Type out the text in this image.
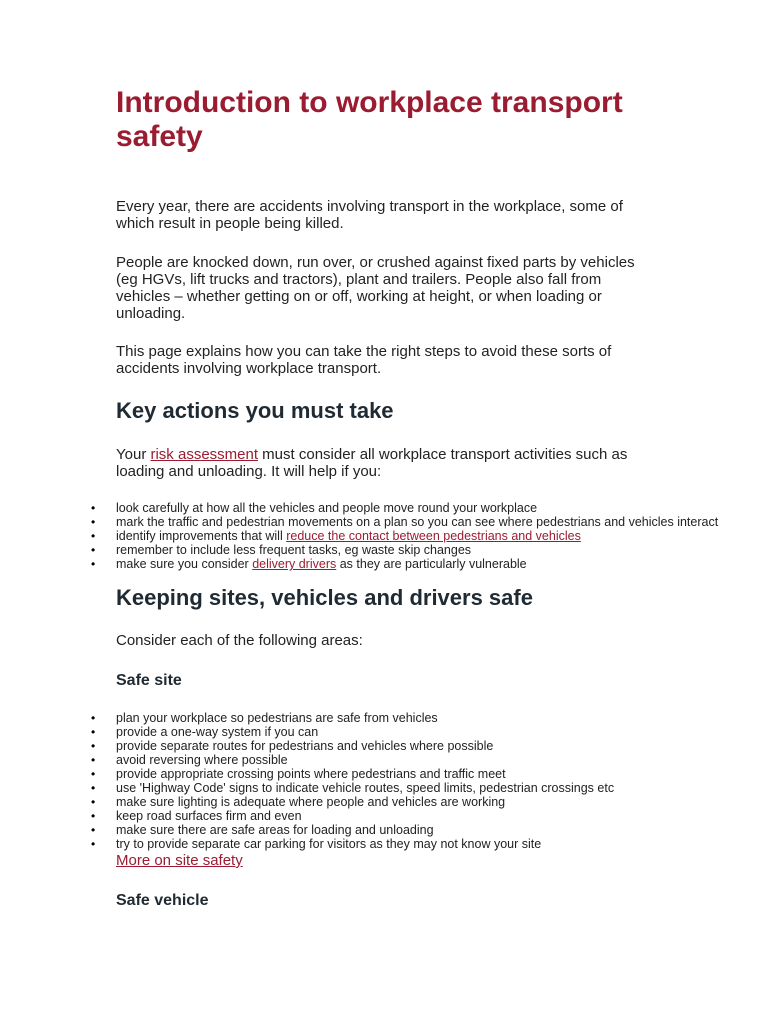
Introduction to workplace transport safety

Every year, there are accidents involving transport in the workplace, some of which result in people being killed.

People are knocked down, run over, or crushed against fixed parts by vehicles (eg HGVs, lift trucks and tractors), plant and trailers. People also fall from vehicles – whether getting on or off, working at height, or when loading or unloading.

This page explains how you can take the right steps to avoid these sorts of accidents involving workplace transport.

Key actions you must take

Your risk assessment must consider all workplace transport activities such as loading and unloading. It will help if you:

• look carefully at how all the vehicles and people move round your workplace
• mark the traffic and pedestrian movements on a plan so you can see where pedestrians and vehicles interact
• identify improvements that will reduce the contact between pedestrians and vehicles
• remember to include less frequent tasks, eg waste skip changes
• make sure you consider delivery drivers as they are particularly vulnerable
Keeping sites, vehicles and drivers safe

Consider each of the following areas:

Safe site
• plan your workplace so pedestrians are safe from vehicles
• provide a one-way system if you can
• provide separate routes for pedestrians and vehicles where possible
• avoid reversing where possible
• provide appropriate crossing points where pedestrians and traffic meet
• use 'Highway Code' signs to indicate vehicle routes, speed limits, pedestrian crossings etc
• make sure lighting is adequate where people and vehicles are working
• keep road surfaces firm and even
• make sure there are safe areas for loading and unloading
• try to provide separate car parking for visitors as they may not know your site
More on site safety
Safe vehicle
